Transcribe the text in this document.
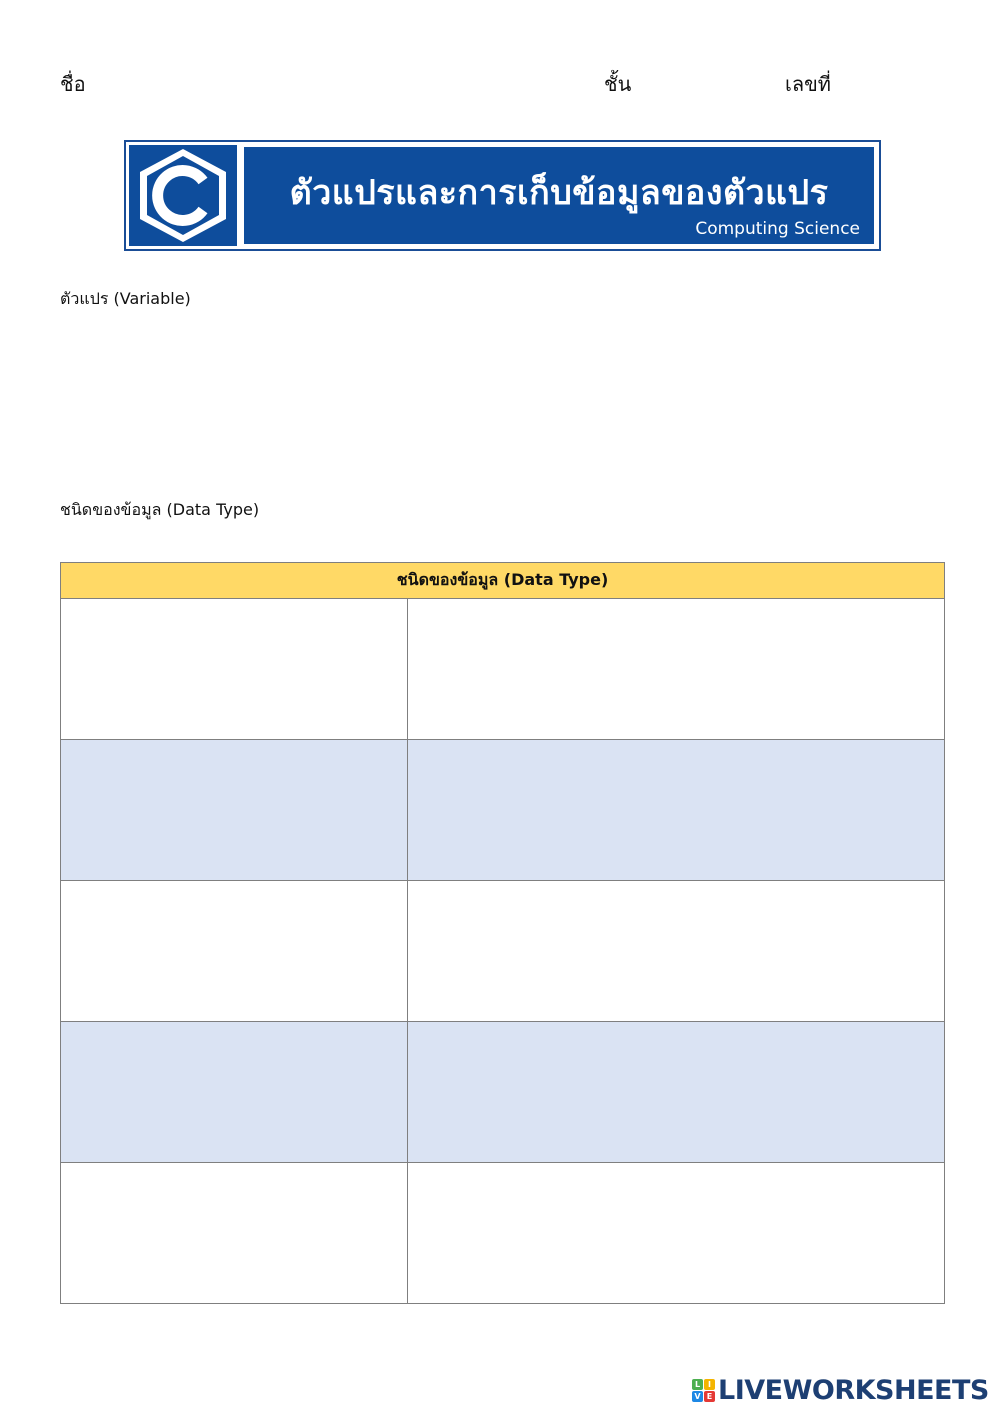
ชื่อ	ชั้น	เลขที่
ตัวแปรและการเก็บข้อมูลของตัวแปร
Computing Science
ตัวแปร (Variable)
ชนิดของข้อมูล (Data Type)
ชนิดของข้อมูล (Data Type)	

L I
V E LIVEWORKSHEETS
